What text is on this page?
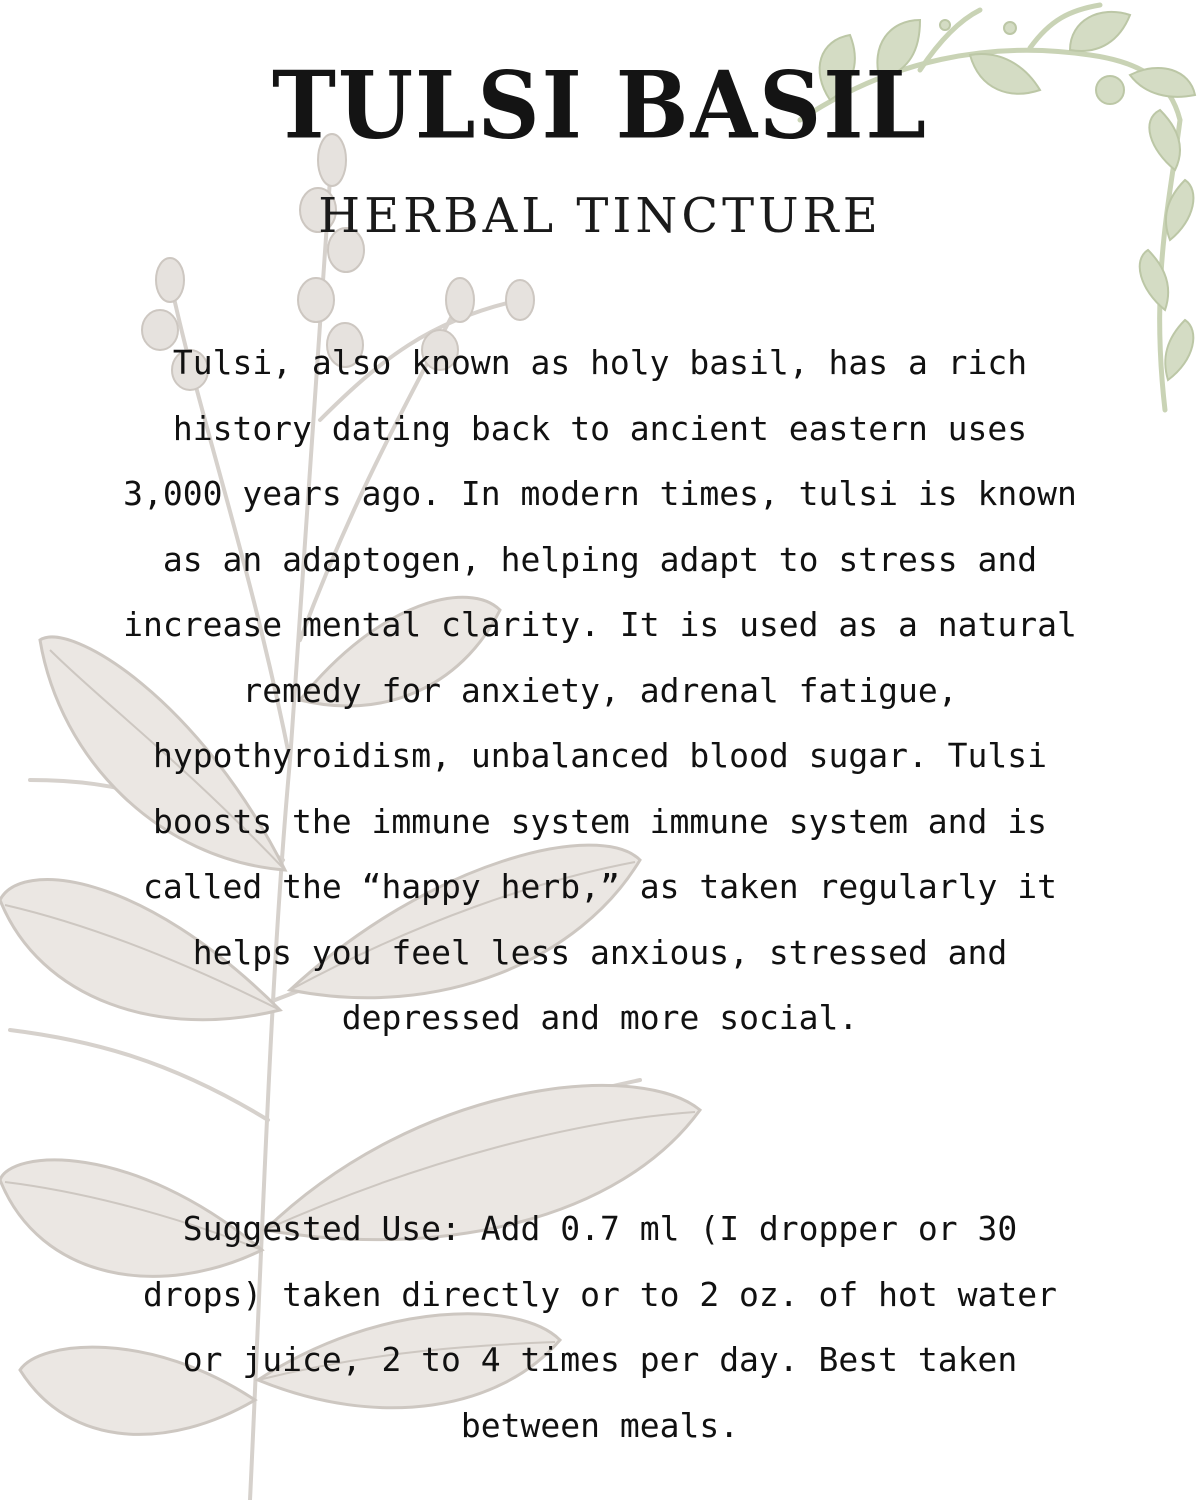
TULSI BASIL
HERBAL TINCTURE

Tulsi, also known as holy basil, has a rich history dating back to ancient eastern uses 3,000 years ago. In modern times, tulsi is known as an adaptogen, helping adapt to stress and increase mental clarity. It is used as a natural remedy for anxiety, adrenal fatigue, hypothyroidism, unbalanced blood sugar. Tulsi boosts the immune system immune system and is called the “happy herb,” as taken regularly it helps you feel less anxious, stressed and depressed and more social.

Suggested Use: Add 0.7 ml (I dropper or 30 drops) taken directly or to 2 oz. of hot water or juice, 2 to 4 times per day. Best taken between meals.
